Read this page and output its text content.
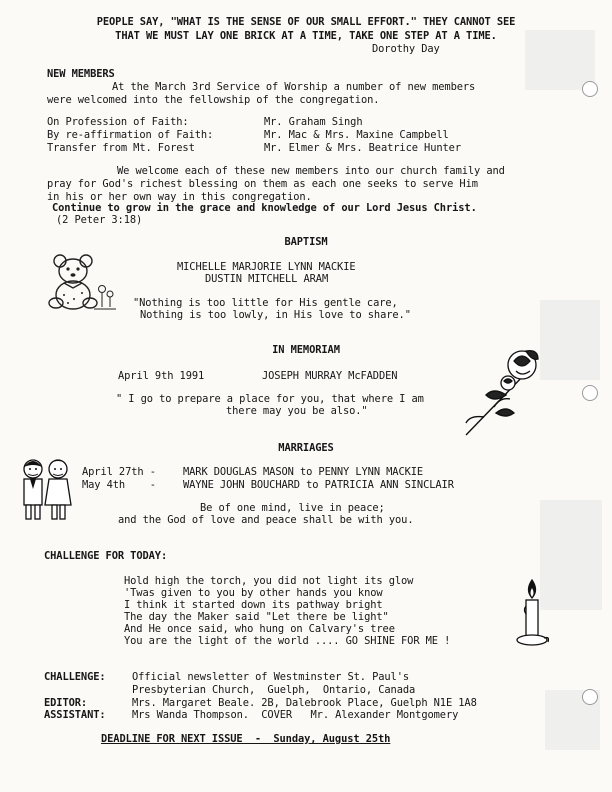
PEOPLE SAY, "WHAT IS THE SENSE OF OUR SMALL EFFORT." THEY CANNOT SEE
THAT WE MUST LAY ONE BRICK AT A TIME, TAKE ONE STEP AT A TIME.
Dorothy Day
NEW MEMBERS
At the March 3rd Service of Worship a number of new members
were welcomed into the fellowship of the congregation.
On Profession of Faith:	Mr. Graham Singh
By re-affirmation of Faith:	Mr. Mac & Mrs. Maxine Campbell
Transfer from Mt. Forest	Mr. Elmer & Mrs. Beatrice Hunter
We welcome each of these new members into our church family and
pray for God's richest blessing on them as each one seeks to serve Him
in his or her own way in this congregation.
Continue to grow in the grace and knowledge of our Lord Jesus Christ.
(2 Peter 3:18)
BAPTISM
MICHELLE MARJORIE LYNN MACKIE
DUSTIN MITCHELL ARAM
"Nothing is too little for His gentle care,
Nothing is too lowly, in His love to share."
IN MEMORIAM
April 9th 1991	JOSEPH MURRAY McFADDEN
" I go to prepare a place for you, that where I am
there may you be also."
MARRIAGES
April 27th -	MARK DOUGLAS MASON to PENNY LYNN MACKIE
May 4th    -	WAYNE JOHN BOUCHARD to PATRICIA ANN SINCLAIR
Be of one mind, live in peace;
and the God of love and peace shall be with you.
CHALLENGE FOR TODAY:
Hold high the torch, you did not light its glow
'Twas given to you by other hands you know
I think it started down its pathway bright
The day the Maker said "Let there be light"
And He once said, who hung on Calvary's tree
You are the light of the world .... GO SHINE FOR ME !
CHALLENGE:	Official newsletter of Westminster St. Paul's
Presbyterian Church,  Guelph,  Ontario, Canada
EDITOR:	Mrs. Margaret Beale. 2B, Dalebrook Place, Guelph N1E 1A8
ASSISTANT:	Mrs Wanda Thompson.  COVER   Mr. Alexander Montgomery
DEADLINE FOR NEXT ISSUE  -  Sunday, August 25th
